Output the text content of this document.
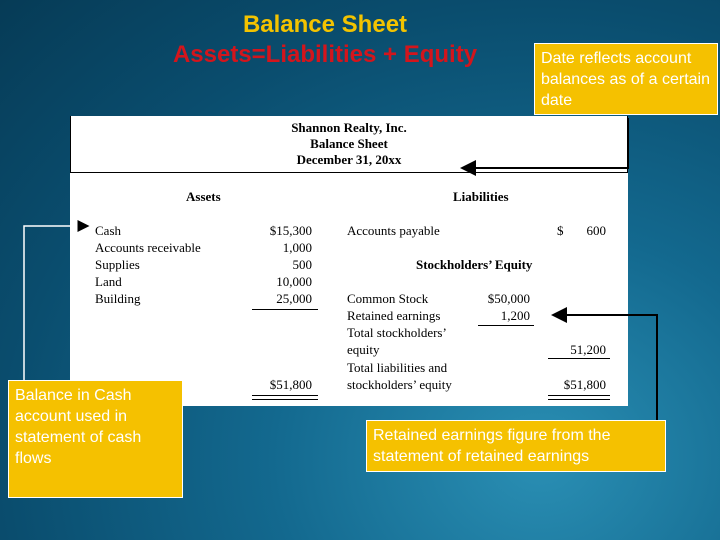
Balance Sheet
Assets=Liabilities + Equity	Date reflects account balances as of a certain date
Shannon Realty, Inc.
Balance Sheet
December 31, 20xx
Assets	Liabilities
Cash	$15,300
Accounts receivable	1,000
Supplies	500
Land	10,000
Building	25,000
$51,800
Accounts payable	$	600
Stockholders’ Equity
Common Stock	$50,000
Retained earnings	1,200
Total stockholders’
equity	51,200
Total liabilities and
stockholders’ equity	$51,800
Balance in Cash account used in statement of cash flows
Retained earnings figure from the statement of retained earnings
